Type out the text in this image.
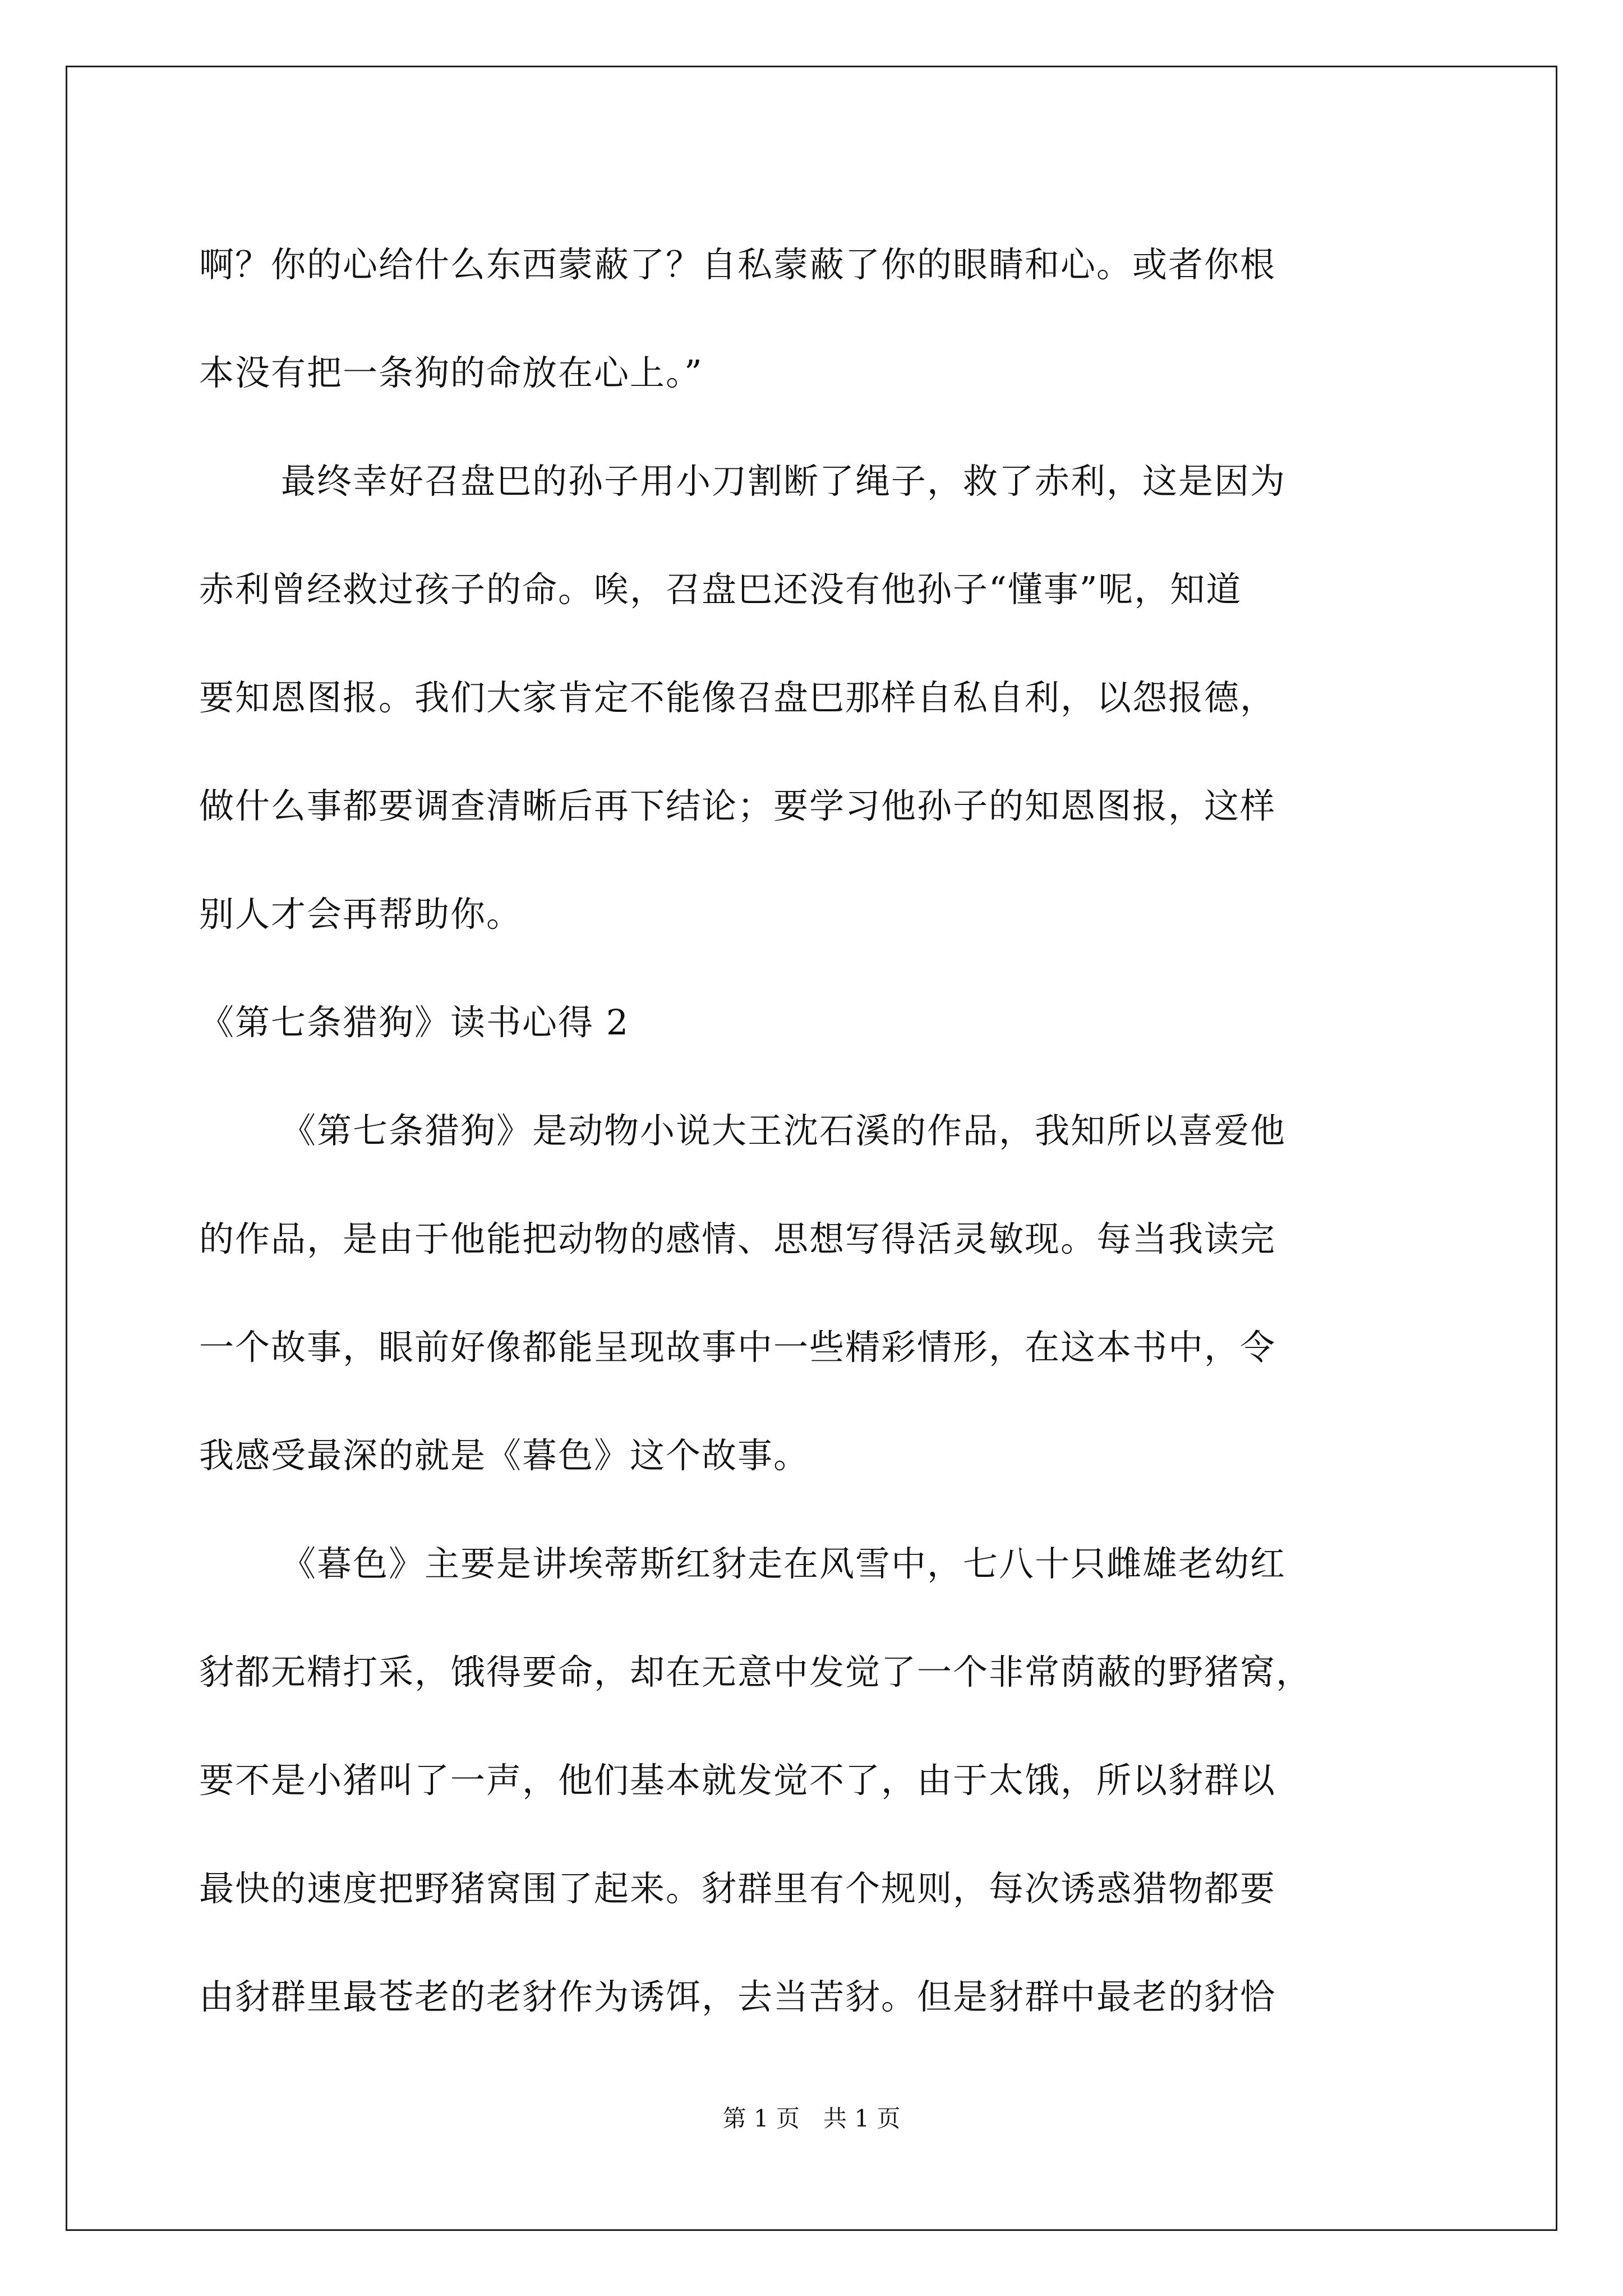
啊？你的心给什么东西蒙蔽了？自私蒙蔽了你的眼睛和心。或者你根
本没有把一条狗的命放在心上。”
最终幸好召盘巴的孙子用小刀割断了绳子，救了赤利，这是因为
赤利曾经救过孩子的命。唉，召盘巴还没有他孙子“懂事”呢，知道
要知恩图报。我们大家肯定不能像召盘巴那样自私自利，以怨报德，
做什么事都要调查清晰后再下结论；要学习他孙子的知恩图报，这样
别人才会再帮助你。
《第七条猎狗》读书心得 2
《第七条猎狗》是动物小说大王沈石溪的作品，我知所以喜爱他
的作品，是由于他能把动物的感情、思想写得活灵敏现。每当我读完
一个故事，眼前好像都能呈现故事中一些精彩情形，在这本书中，令
我感受最深的就是《暮色》这个故事。
《暮色》主要是讲埃蒂斯红豺走在风雪中，七八十只雌雄老幼红
豺都无精打采，饿得要命，却在无意中发觉了一个非常荫蔽的野猪窝，
要不是小猪叫了一声，他们基本就发觉不了，由于太饿，所以豺群以
最快的速度把野猪窝围了起来。豺群里有个规则，每次诱惑猎物都要
由豺群里最苍老的老豺作为诱饵，去当苦豺。但是豺群中最老的豺恰
第 1 页　共 1 页
